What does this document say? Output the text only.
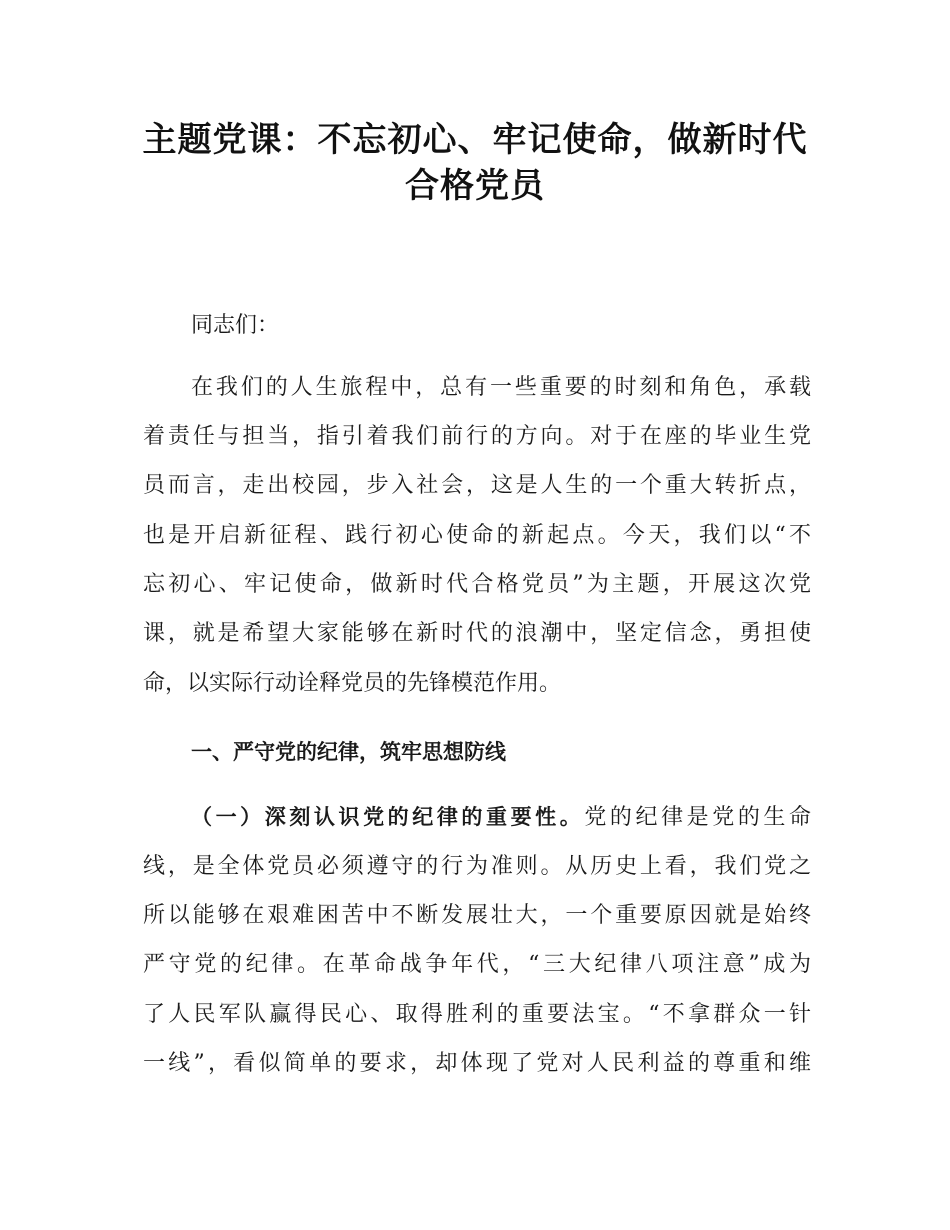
主题党课：不忘初心、牢记使命，做新时代
合格党员

同志们：

在我们的人生旅程中，总有一些重要的时刻和角色，承载

着责任与担当，指引着我们前行的方向。对于在座的毕业生党

员而言，走出校园，步入社会，这是人生的一个重大转折点，

也是开启新征程、践行初心使命的新起点。今天，我们以“不

忘初心、牢记使命，做新时代合格党员”为主题，开展这次党

课，就是希望大家能够在新时代的浪潮中，坚定信念，勇担使

命，以实际行动诠释党员的先锋模范作用。

一、严守党的纪律，筑牢思想防线

（一）深刻认识党的纪律的重要性。党的纪律是党的生命

线，是全体党员必须遵守的行为准则。从历史上看，我们党之

所以能够在艰难困苦中不断发展壮大，一个重要原因就是始终

严守党的纪律。在革命战争年代，“三大纪律八项注意”成为

了人民军队赢得民心、取得胜利的重要法宝。“不拿群众一针

一线”，看似简单的要求，却体现了党对人民利益的尊重和维
